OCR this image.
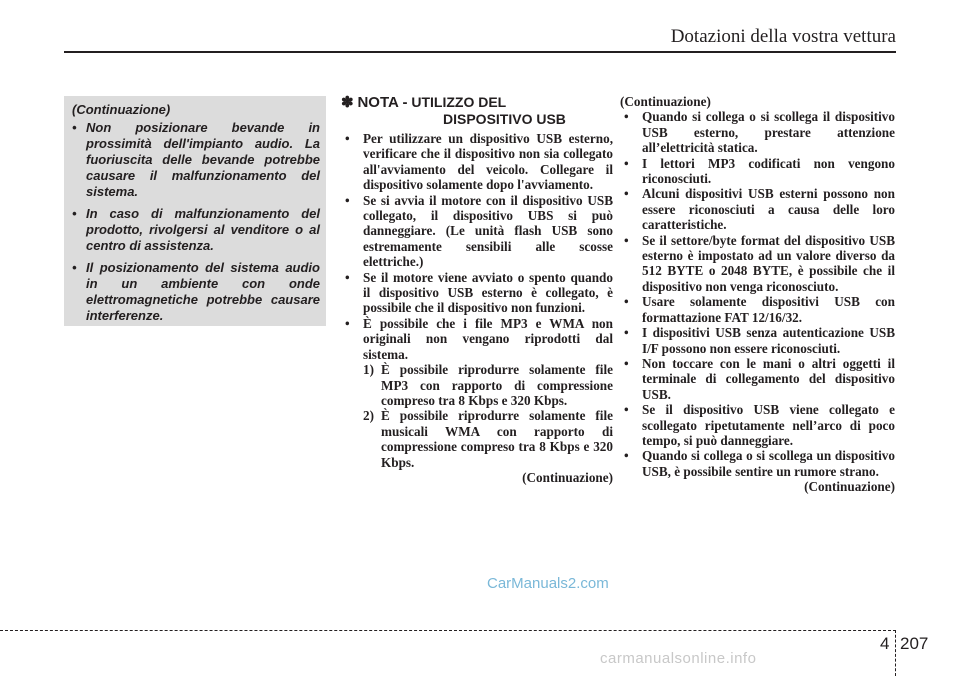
Dotazioni della vostra vettura
(Continuazione)
• Non posizionare bevande in prossimità dell'impianto audio. La fuoriuscita delle bevande potrebbe causare il malfunzionamento del sistema.
• In caso di malfunzionamento del prodotto, rivolgersi al venditore o al centro di assistenza.
• Il posizionamento del sistema audio in un ambiente con onde elettromagnetiche potrebbe causare interferenze.
✽ NOTA - UTILIZZO DEL
DISPOSITIVO USB
• Per utilizzare un dispositivo USB esterno, verificare che il dispositivo non sia collegato all'avviamento del veicolo. Collegare il dispositivo solamente dopo l'avviamento.
• Se si avvia il motore con il dispositivo USB collegato, il dispositivo UBS si può danneggiare. (Le unità flash USB sono estremamente sensibili alle scosse elettriche.)
• Se il motore viene avviato o spento quando il dispositivo USB esterno è collegato, è possibile che il dispositivo non funzioni.
• È possibile che i file MP3 e WMA non originali non vengano riprodotti dal sistema.
1) È possibile riprodurre solamente file MP3 con rapporto di compressione compreso tra 8 Kbps e 320 Kbps.
2) È possibile riprodurre solamente file musicali WMA con rapporto di compressione compreso tra 8 Kbps e 320 Kbps.
(Continuazione)
(Continuazione)
• Quando si collega o si scollega il dispositivo USB esterno, prestare attenzione all’elettricità statica.
• I lettori MP3 codificati non vengono riconosciuti.
• Alcuni dispositivi USB esterni possono non essere riconosciuti a causa delle loro caratteristiche.
• Se il settore/byte format del dispositivo USB esterno è impostato ad un valore diverso da 512 BYTE o 2048 BYTE, è possibile che il dispositivo non venga riconosciuto.
• Usare solamente dispositivi USB con formattazione FAT 12/16/32.
• I dispositivi USB senza autenticazione USB I/F possono non essere riconosciuti.
• Non toccare con le mani o altri oggetti il terminale di collegamento del dispositivo USB.
• Se il dispositivo USB viene collegato e scollegato ripetutamente nell’arco di poco tempo, si può danneggiare.
• Quando si collega o si scollega un dispositivo USB, è possibile sentire un rumore strano.
(Continuazione)
CarManuals2.com
4 207
carmanualsonline.info
